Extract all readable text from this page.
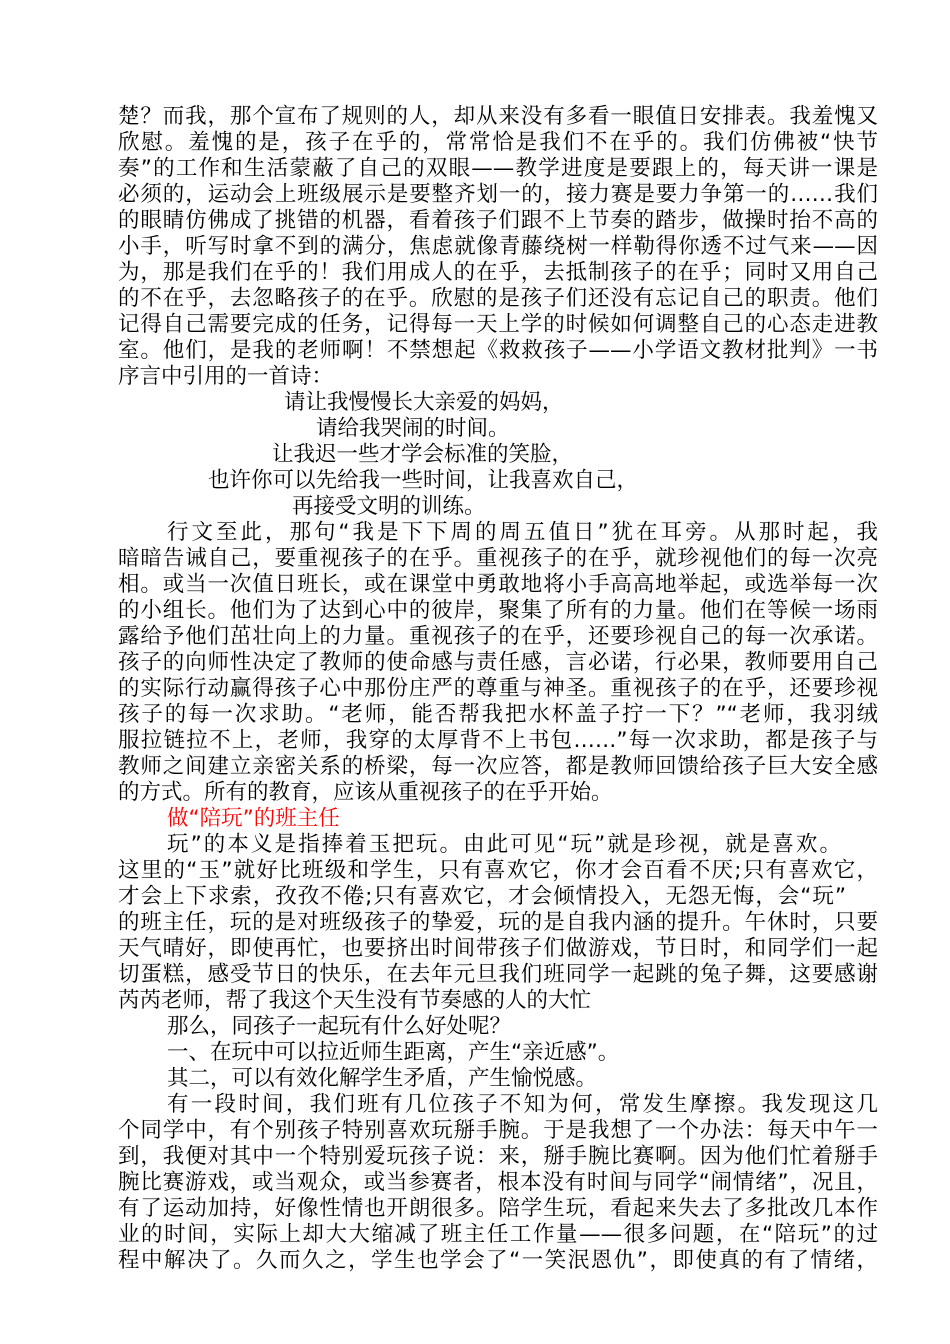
楚？而我，那个宣布了规则的人，却从来没有多看一眼值日安排表。我羞愧又
欣慰。羞愧的是，孩子在乎的，常常恰是我们不在乎的。我们仿佛被“快节
奏”的工作和生活蒙蔽了自己的双眼——教学进度是要跟上的，每天讲一课是
必须的，运动会上班级展示是要整齐划一的，接力赛是要力争第一的……我们
的眼睛仿佛成了挑错的机器，看着孩子们跟不上节奏的踏步，做操时抬不高的
小手，听写时拿不到的满分，焦虑就像青藤绕树一样勒得你透不过气来——因
为，那是我们在乎的！我们用成人的在乎，去抵制孩子的在乎；同时又用自己
的不在乎，去忽略孩子的在乎。欣慰的是孩子们还没有忘记自己的职责。他们
记得自己需要完成的任务，记得每一天上学的时候如何调整自己的心态走进教
室。他们，是我的老师啊！不禁想起《救救孩子——小学语文教材批判》一书
序言中引用的一首诗：
请让我慢慢长大亲爱的妈妈，
请给我哭闹的时间。
让我迟一些才学会标准的笑脸，
也许你可以先给我一些时间，让我喜欢自己，
再接受文明的训练。
行文至此，那句“我是下下周的周五值日”犹在耳旁。从那时起，我
暗暗告诫自己，要重视孩子的在乎。重视孩子的在乎，就珍视他们的每一次亮
相。或当一次值日班长，或在课堂中勇敢地将小手高高地举起，或选举每一次
的小组长。他们为了达到心中的彼岸，聚集了所有的力量。他们在等候一场雨
露给予他们茁壮向上的力量。重视孩子的在乎，还要珍视自己的每一次承诺。
孩子的向师性决定了教师的使命感与责任感，言必诺，行必果，教师要用自己
的实际行动赢得孩子心中那份庄严的尊重与神圣。重视孩子的在乎，还要珍视
孩子的每一次求助。“老师，能否帮我把水杯盖子拧一下？”“老师，我羽绒
服拉链拉不上，老师，我穿的太厚背不上书包……”每一次求助，都是孩子与
教师之间建立亲密关系的桥梁，每一次应答，都是教师回馈给孩子巨大安全感
的方式。所有的教育，应该从重视孩子的在乎开始。
做“陪玩”的班主任
玩”的本义是指捧着玉把玩。由此可见“玩”就是珍视，就是喜欢。
这里的“玉”就好比班级和学生，只有喜欢它，你才会百看不厌;只有喜欢它，
才会上下求索，孜孜不倦;只有喜欢它，才会倾情投入，无怨无悔，会“玩”
的班主任，玩的是对班级孩子的挚爱，玩的是自我内涵的提升。午休时，只要
天气晴好，即使再忙，也要挤出时间带孩子们做游戏，节日时，和同学们一起
切蛋糕，感受节日的快乐，在去年元旦我们班同学一起跳的兔子舞，这要感谢
芮芮老师，帮了我这个天生没有节奏感的人的大忙
那么，同孩子一起玩有什么好处呢？
一、在玩中可以拉近师生距离，产生“亲近感”。
其二，可以有效化解学生矛盾，产生愉悦感。
有一段时间，我们班有几位孩子不知为何，常发生摩擦。我发现这几
个同学中，有个别孩子特别喜欢玩掰手腕。于是我想了一个办法：每天中午一
到，我便对其中一个特别爱玩孩子说：来，掰手腕比赛啊。因为他们忙着掰手
腕比赛游戏，或当观众，或当参赛者，根本没有时间与同学“闹情绪”，况且，
有了运动加持，好像性情也开朗很多。陪学生玩，看起来失去了多批改几本作
业的时间，实际上却大大缩减了班主任工作量——很多问题，在“陪玩”的过
程中解决了。久而久之，学生也学会了“一笑泯恩仇”，即使真的有了情绪，
